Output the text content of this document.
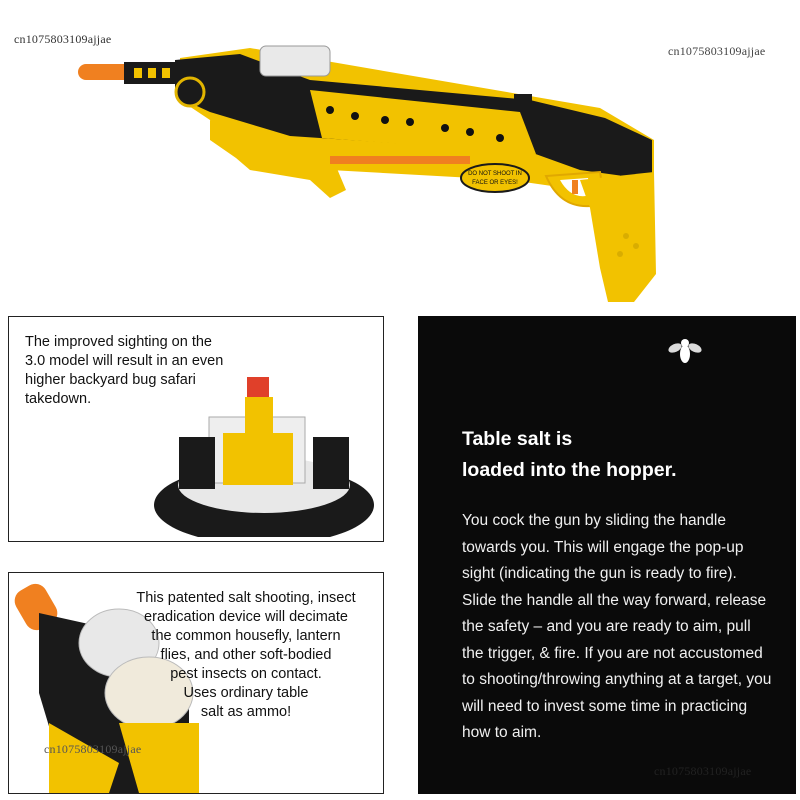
cn1075803109ajjae
cn1075803109ajjae
DO NOT SHOOT IN
FACE OR EYES!
The improved sighting on the 3.0 model will result in an even higher backyard bug safari takedown.
This patented salt shooting, insect
eradication device will decimate
the common housefly, lantern
flies, and other soft-bodied
pest insects on contact.
Uses ordinary table
salt as ammo!
cn1075803109ajjae
Table salt is
loaded into the hopper.
You cock the gun by sliding the handle towards you. This will engage the pop-up sight (indicating the gun is ready to fire). Slide the handle all the way forward, release the safety – and you are ready to aim, pull the trigger, & fire. If you are not accustomed to shooting/throwing anything at a target, you will need to invest some time in practicing how to aim.
cn1075803109ajjae
